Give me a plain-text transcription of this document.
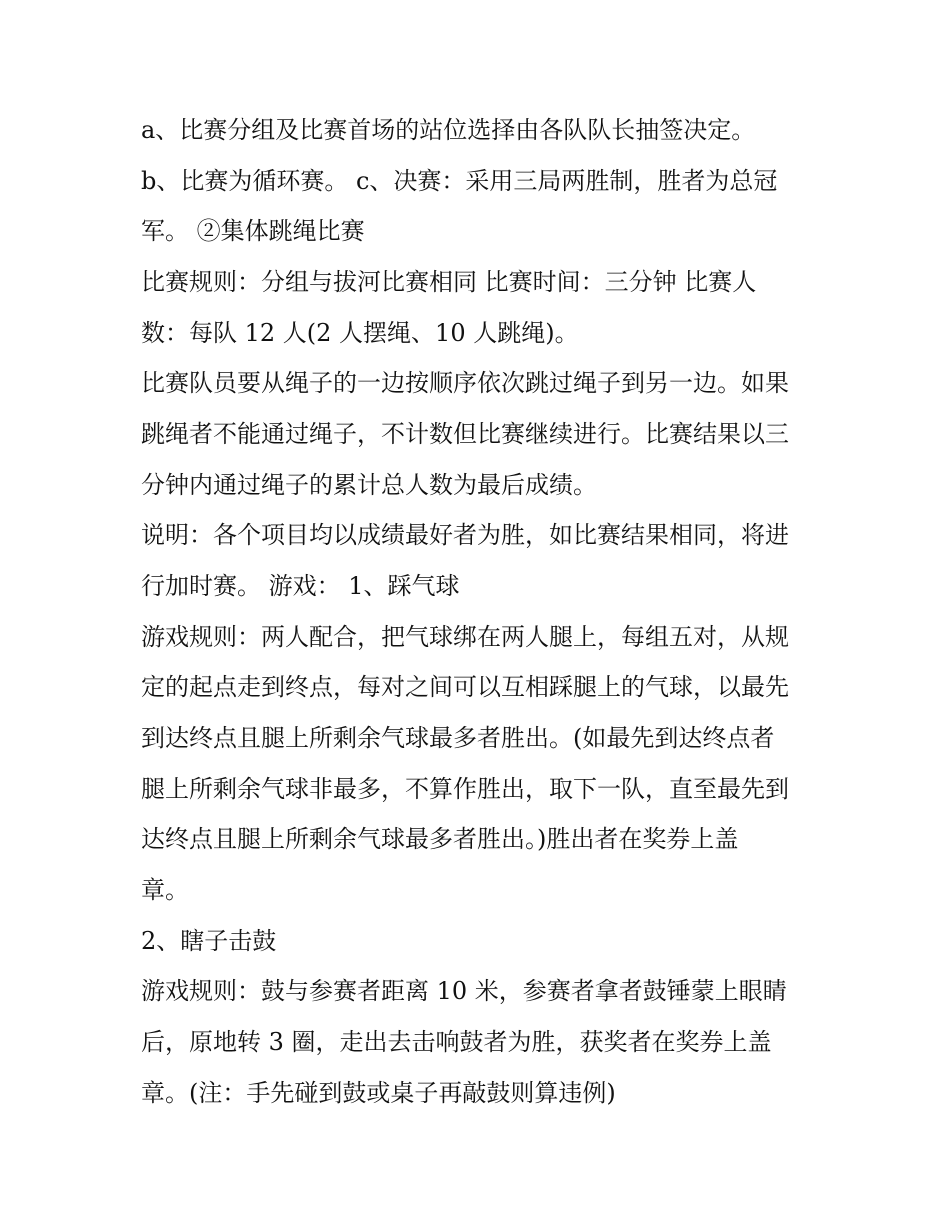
a、比赛分组及比赛首场的站位选择由各队队长抽签决定。
b、比赛为循环赛。 c、决赛：采用三局两胜制，胜者为总冠
军。 ②集体跳绳比赛
比赛规则：分组与拔河比赛相同 比赛时间：三分钟 比赛人
数：每队 12 人(2 人摆绳、10 人跳绳)。
比赛队员要从绳子的一边按顺序依次跳过绳子到另一边。如果
跳绳者不能通过绳子，不计数但比赛继续进行。比赛结果以三
分钟内通过绳子的累计总人数为最后成绩。
说明：各个项目均以成绩最好者为胜，如比赛结果相同，将进
行加时赛。 游戏： 1、踩气球
游戏规则：两人配合，把气球绑在两人腿上，每组五对，从规
定的起点走到终点，每对之间可以互相踩腿上的气球，以最先
到达终点且腿上所剩余气球最多者胜出。(如最先到达终点者
腿上所剩余气球非最多，不算作胜出，取下一队，直至最先到
达终点且腿上所剩余气球最多者胜出。)胜出者在奖券上盖
章。
2、瞎子击鼓
游戏规则：鼓与参赛者距离 10 米，参赛者拿者鼓锤蒙上眼睛
后，原地转 3 圈，走出去击响鼓者为胜，获奖者在奖券上盖
章。(注：手先碰到鼓或桌子再敲鼓则算违例)
